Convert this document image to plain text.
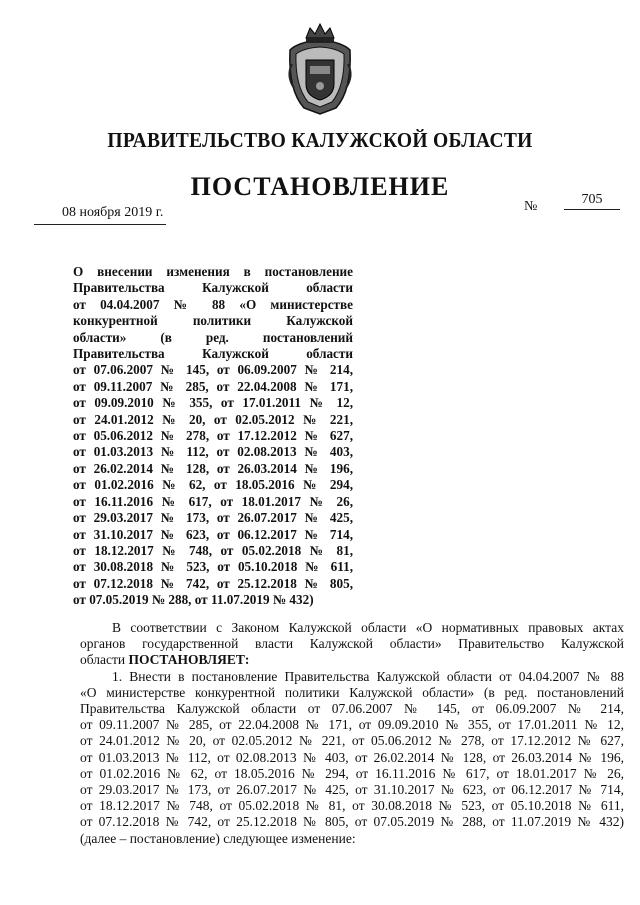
ПРАВИТЕЛЬСТВО КАЛУЖСКОЙ ОБЛАСТИ
ПОСТАНОВЛЕНИЕ
08 ноября 2019 г.	№	705
О внесении изменения в постановление
Правительства Калужской области
от 04.04.2007 № 88 «О министерстве
конкурентной политики Калужской
области» (в ред. постановлений
Правительства Калужской области
от 07.06.2007 № 145, от 06.09.2007 № 214,
от 09.11.2007 № 285, от 22.04.2008 № 171,
от 09.09.2010 № 355, от 17.01.2011 № 12,
от 24.01.2012 № 20, от 02.05.2012 № 221,
от 05.06.2012 № 278, от 17.12.2012 № 627,
от 01.03.2013 № 112, от 02.08.2013 № 403,
от 26.02.2014 № 128, от 26.03.2014 № 196,
от 01.02.2016 № 62, от 18.05.2016 № 294,
от 16.11.2016 № 617, от 18.01.2017 № 26,
от 29.03.2017 № 173, от 26.07.2017 № 425,
от 31.10.2017 № 623, от 06.12.2017 № 714,
от 18.12.2017 № 748, от 05.02.2018 № 81,
от 30.08.2018 № 523, от 05.10.2018 № 611,
от 07.12.2018 № 742, от 25.12.2018 № 805,
от 07.05.2019 № 288, от 11.07.2019 № 432)
В соответствии с Законом Калужской области «О нормативных правовых актах
органов государственной власти Калужской области» Правительство Калужской
области ПОСТАНОВЛЯЕТ:
1. Внести в постановление Правительства Калужской области от 04.04.2007 № 88
«О министерстве конкурентной политики Калужской области» (в ред. постановлений
Правительства Калужской области от 07.06.2007 № 145, от 06.09.2007 № 214,
от 09.11.2007 № 285, от 22.04.2008 № 171, от 09.09.2010 № 355, от 17.01.2011 № 12,
от 24.01.2012 № 20, от 02.05.2012 № 221, от 05.06.2012 № 278, от 17.12.2012 № 627,
от 01.03.2013 № 112, от 02.08.2013 № 403, от 26.02.2014 № 128, от 26.03.2014 № 196,
от 01.02.2016 № 62, от 18.05.2016 № 294, от 16.11.2016 № 617, от 18.01.2017 № 26,
от 29.03.2017 № 173, от 26.07.2017 № 425, от 31.10.2017 № 623, от 06.12.2017 № 714,
от 18.12.2017 № 748, от 05.02.2018 № 81, от 30.08.2018 № 523, от 05.10.2018 № 611,
от 07.12.2018 № 742, от 25.12.2018 № 805, от 07.05.2019 № 288, от 11.07.2019 № 432)
(далее – постановление) следующее изменение:
